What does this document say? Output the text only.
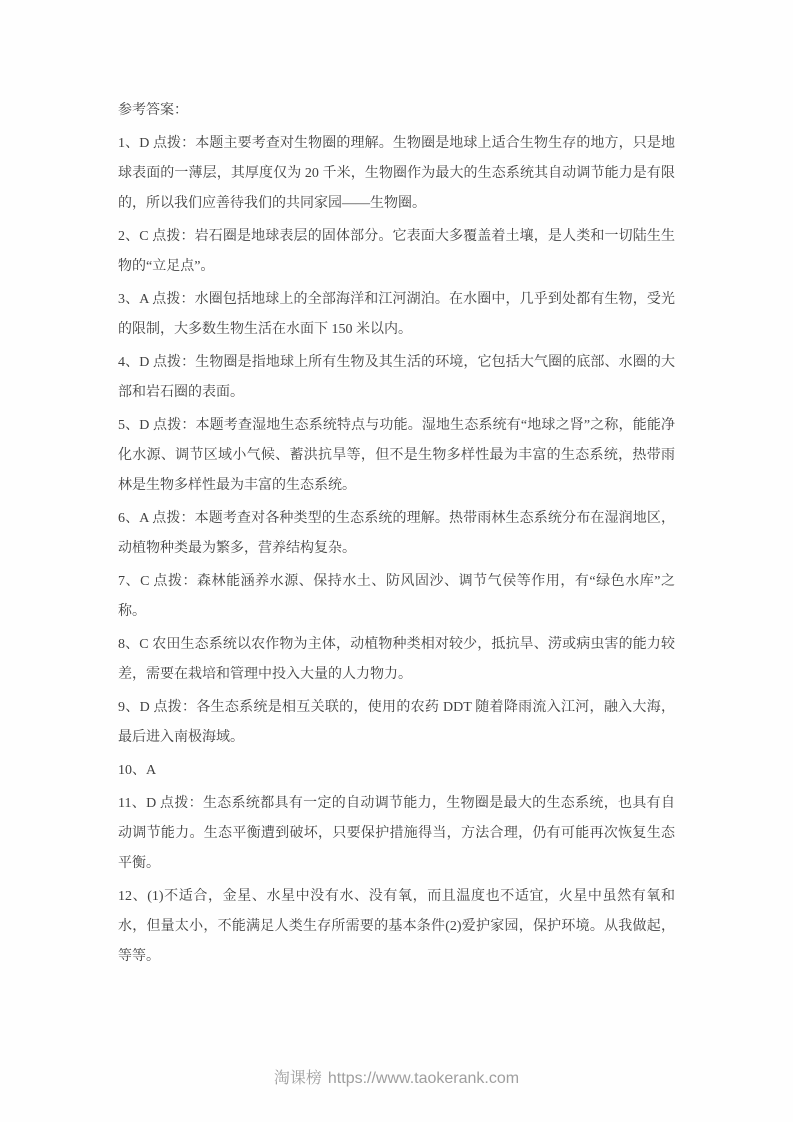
参考答案：

1、D 点拨：本题主要考查对生物圈的理解。生物圈是地球上适合生物生存的地方，只是地球表面的一薄层，其厚度仅为 20 千米，生物圈作为最大的生态系统其自动调节能力是有限的，所以我们应善待我们的共同家园——生物圈。

2、C 点拨：岩石圈是地球表层的固体部分。它表面大多覆盖着土壤，是人类和一切陆生生物的“立足点”。

3、A 点拨：水圈包括地球上的全部海洋和江河湖泊。在水圈中，几乎到处都有生物，受光的限制，大多数生物生活在水面下 150 米以内。

4、D 点拨：生物圈是指地球上所有生物及其生活的环境，它包括大气圈的底部、水圈的大部和岩石圈的表面。

5、D 点拨：本题考查湿地生态系统特点与功能。湿地生态系统有“地球之肾”之称，能能净化水源、调节区域小气候、蓄洪抗旱等，但不是生物多样性最为丰富的生态系统，热带雨林是生物多样性最为丰富的生态系统。

6、A 点拨：本题考查对各种类型的生态系统的理解。热带雨林生态系统分布在湿润地区，动植物种类最为繁多，营养结构复杂。

7、C 点拨：森林能涵养水源、保持水土、防风固沙、调节气侯等作用，有“绿色水库”之称。

8、C 农田生态系统以农作物为主体，动植物种类相对较少，抵抗旱、涝或病虫害的能力较差，需要在栽培和管理中投入大量的人力物力。

9、D 点拨：各生态系统是相互关联的，使用的农药 DDT 随着降雨流入江河，融入大海，最后进入南极海域。

10、A

11、D 点拨：生态系统都具有一定的自动调节能力，生物圈是最大的生态系统，也具有自动调节能力。生态平衡遭到破坏，只要保护措施得当，方法合理，仍有可能再次恢复生态平衡。

12、(1)不适合，金星、水星中没有水、没有氧，而且温度也不适宜，火星中虽然有氧和水，但量太小，不能满足人类生存所需要的基本条件(2)爱护家园，保护环境。从我做起，等等。

淘课榜 https://www.taokerank.com
